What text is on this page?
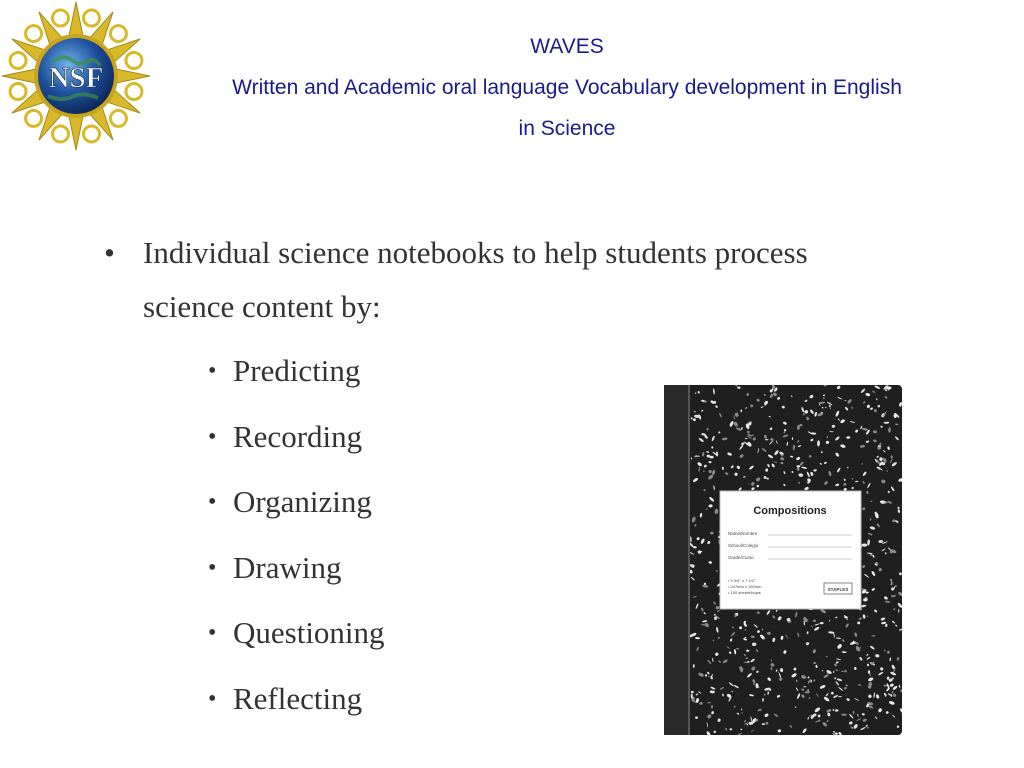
NSF
WAVES
Written and Academic oral language Vocabulary development in English
in Science
• Individual science notebooks to help students process science content by:
• Predicting
• Recording
• Organizing
• Drawing
• Questioning
• Reflecting
Compositions
Name/Nombre
School/Colegio
Grade/Curso
• 9 3/4" x 7 1/2"
• 247mm x 190mm
• 100 sheets/hojas
STAPLES
